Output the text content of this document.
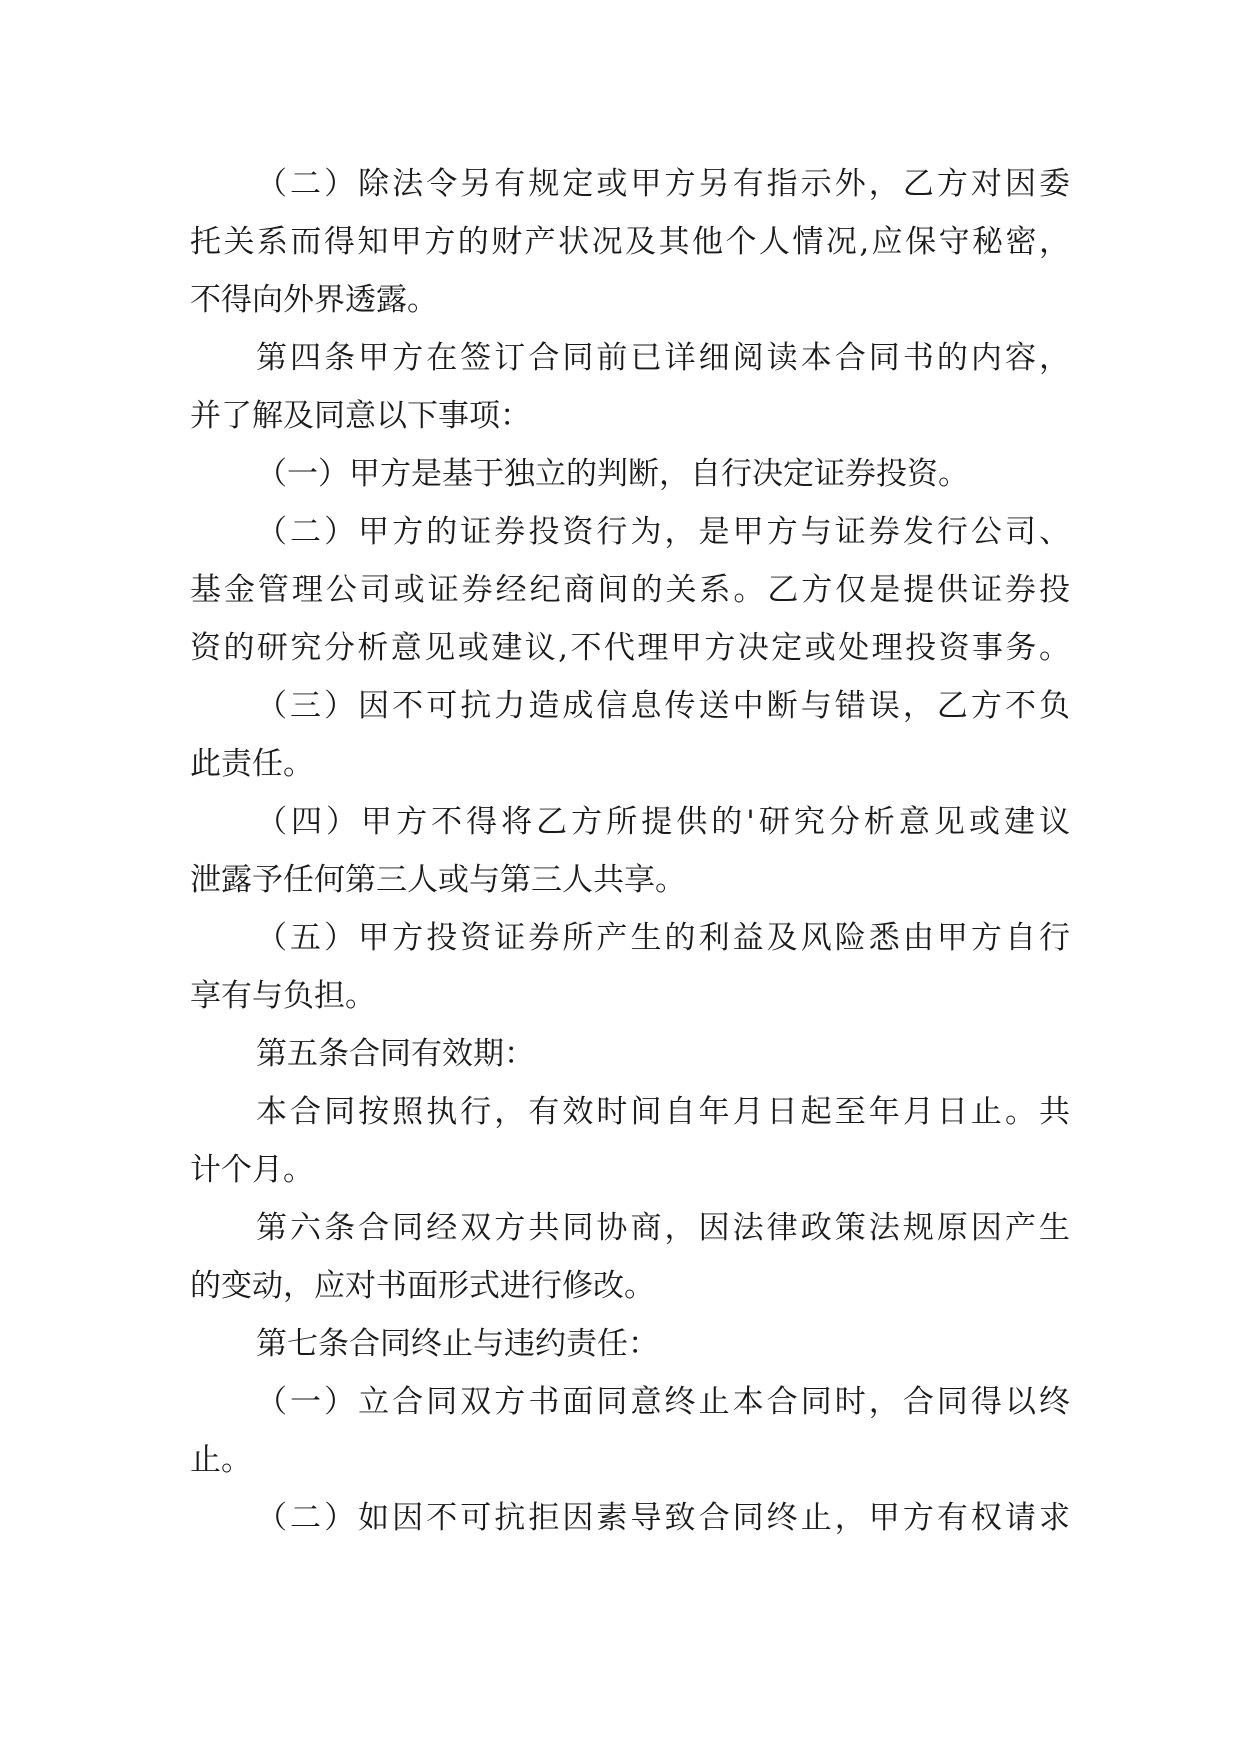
（二）除法令另有规定或甲方另有指示外，乙方对因委
托关系而得知甲方的财产状况及其他个人情况,应保守秘密，
不得向外界透露。
第四条甲方在签订合同前已详细阅读本合同书的内容，
并了解及同意以下事项：
（一）甲方是基于独立的判断，自行决定证券投资。
（二）甲方的证券投资行为，是甲方与证券发行公司、
基金管理公司或证券经纪商间的关系。乙方仅是提供证券投
资的研究分析意见或建议,不代理甲方决定或处理投资事务。
（三）因不可抗力造成信息传送中断与错误，乙方不负
此责任。
（四）甲方不得将乙方所提供的'研究分析意见或建议
泄露予任何第三人或与第三人共享。
（五）甲方投资证券所产生的利益及风险悉由甲方自行
享有与负担。
第五条合同有效期：
本合同按照执行，有效时间自年月日起至年月日止。共
计个月。
第六条合同经双方共同协商，因法律政策法规原因产生
的变动，应对书面形式进行修改。
第七条合同终止与违约责任：
（一）立合同双方书面同意终止本合同时，合同得以终
止。
（二）如因不可抗拒因素导致合同终止，甲方有权请求
